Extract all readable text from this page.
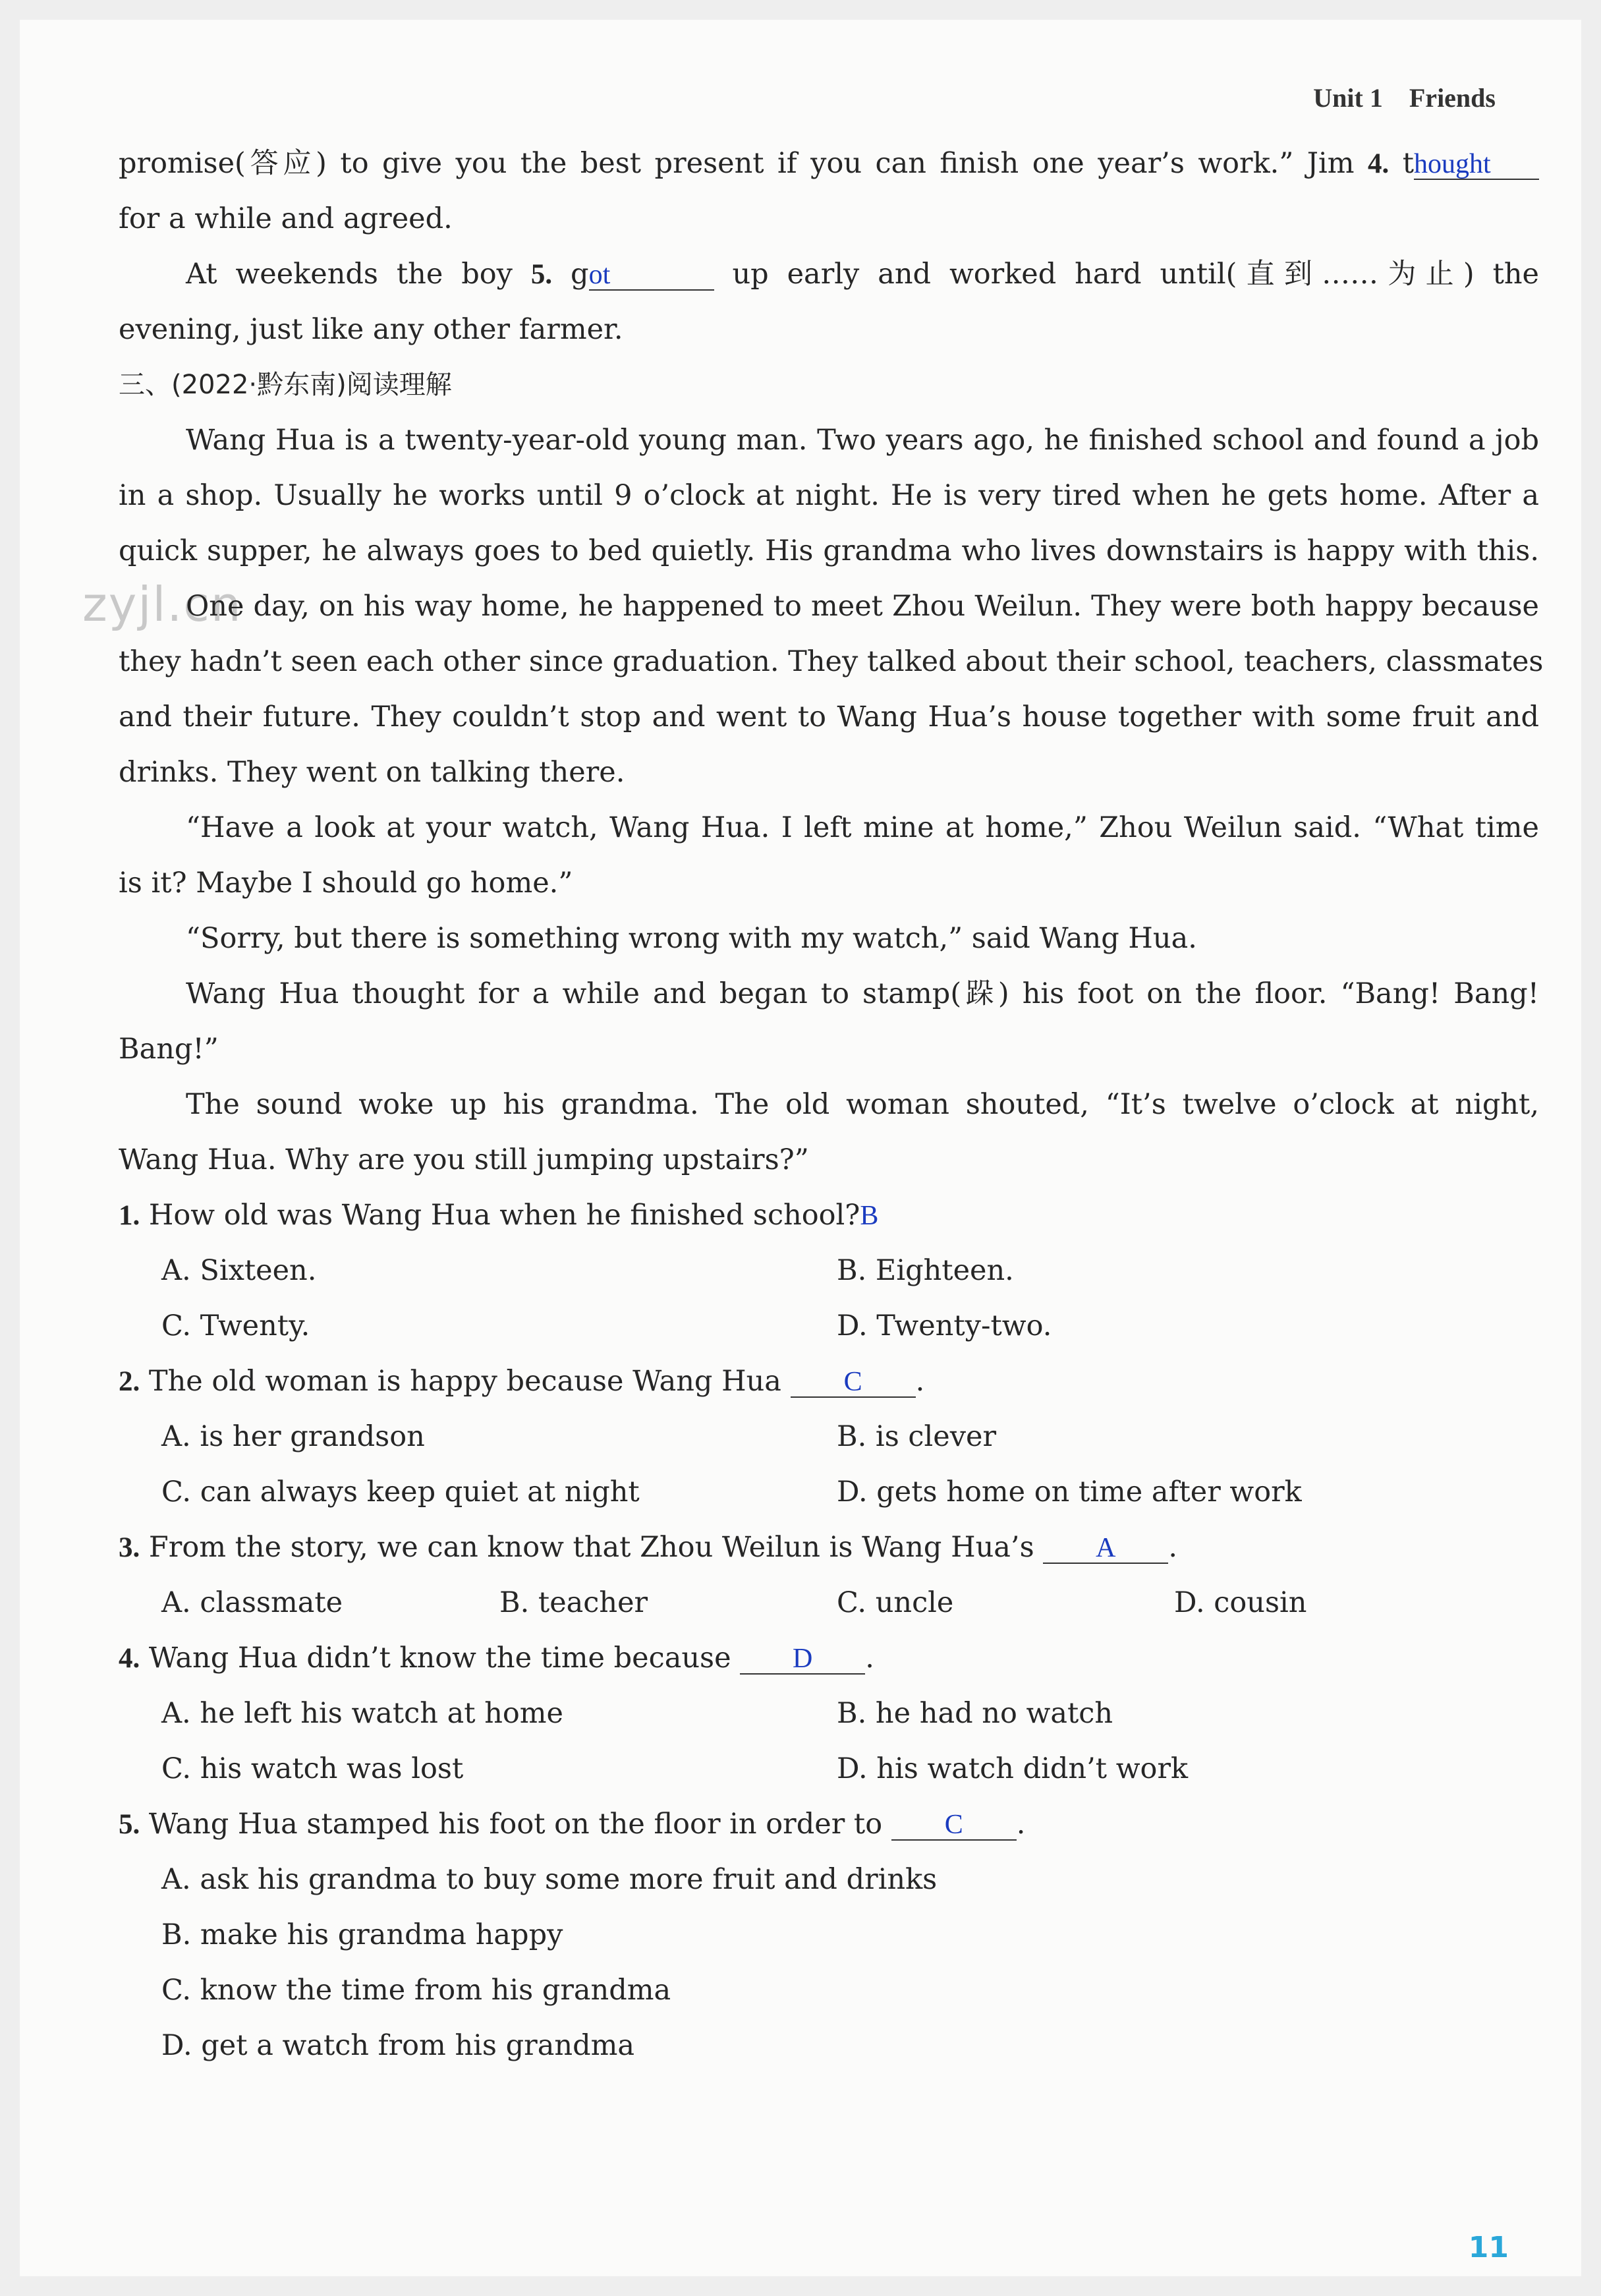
Unit 1 Friends
zyjl.cn
promise(答应) to give you the best present if you can finish one year’s work.” Jim 4. thought
for a while and agreed.
At weekends the boy 5. got	up early and worked hard until(直到……为止) the
evening, just like any other farmer.
三、(2022·黔东南)阅读理解
Wang Hua is a twenty-year-old young man. Two years ago, he finished school and found a job
in a shop. Usually he works until 9 o’clock at night. He is very tired when he gets home. After a
quick supper, he always goes to bed quietly. His grandma who lives downstairs is happy with this.
One day, on his way home, he happened to meet Zhou Weilun. They were both happy because
they hadn’t seen each other since graduation. They talked about their school, teachers, classmates
and their future. They couldn’t stop and went to Wang Hua’s house together with some fruit and
drinks. They went on talking there.
“Have a look at your watch, Wang Hua. I left mine at home,” Zhou Weilun said. “What time
is it? Maybe I should go home.”
“Sorry, but there is something wrong with my watch,” said Wang Hua.
Wang Hua thought for a while and began to stamp(跺) his foot on the floor. “Bang! Bang!
Bang!”
The sound woke up his grandma. The old woman shouted, “It’s twelve o’clock at night,
Wang Hua. Why are you still jumping upstairs?”
1. How old was Wang Hua when he finished school?B
A. Sixteen.	B. Eighteen.
C. Twenty.	D. Twenty-two.
2. The old woman is happy because Wang Hua C .
A. is her grandson	B. is clever
C. can always keep quiet at night	D. gets home on time after work
3. From the story, we can know that Zhou Weilun is Wang Hua’s A .
A. classmate	B. teacher	C. uncle	D. cousin
4. Wang Hua didn’t know the time because D .
A. he left his watch at home	B. he had no watch
C. his watch was lost	D. his watch didn’t work
5. Wang Hua stamped his foot on the floor in order to C .
A. ask his grandma to buy some more fruit and drinks
B. make his grandma happy
C. know the time from his grandma
D. get a watch from his grandma
11
